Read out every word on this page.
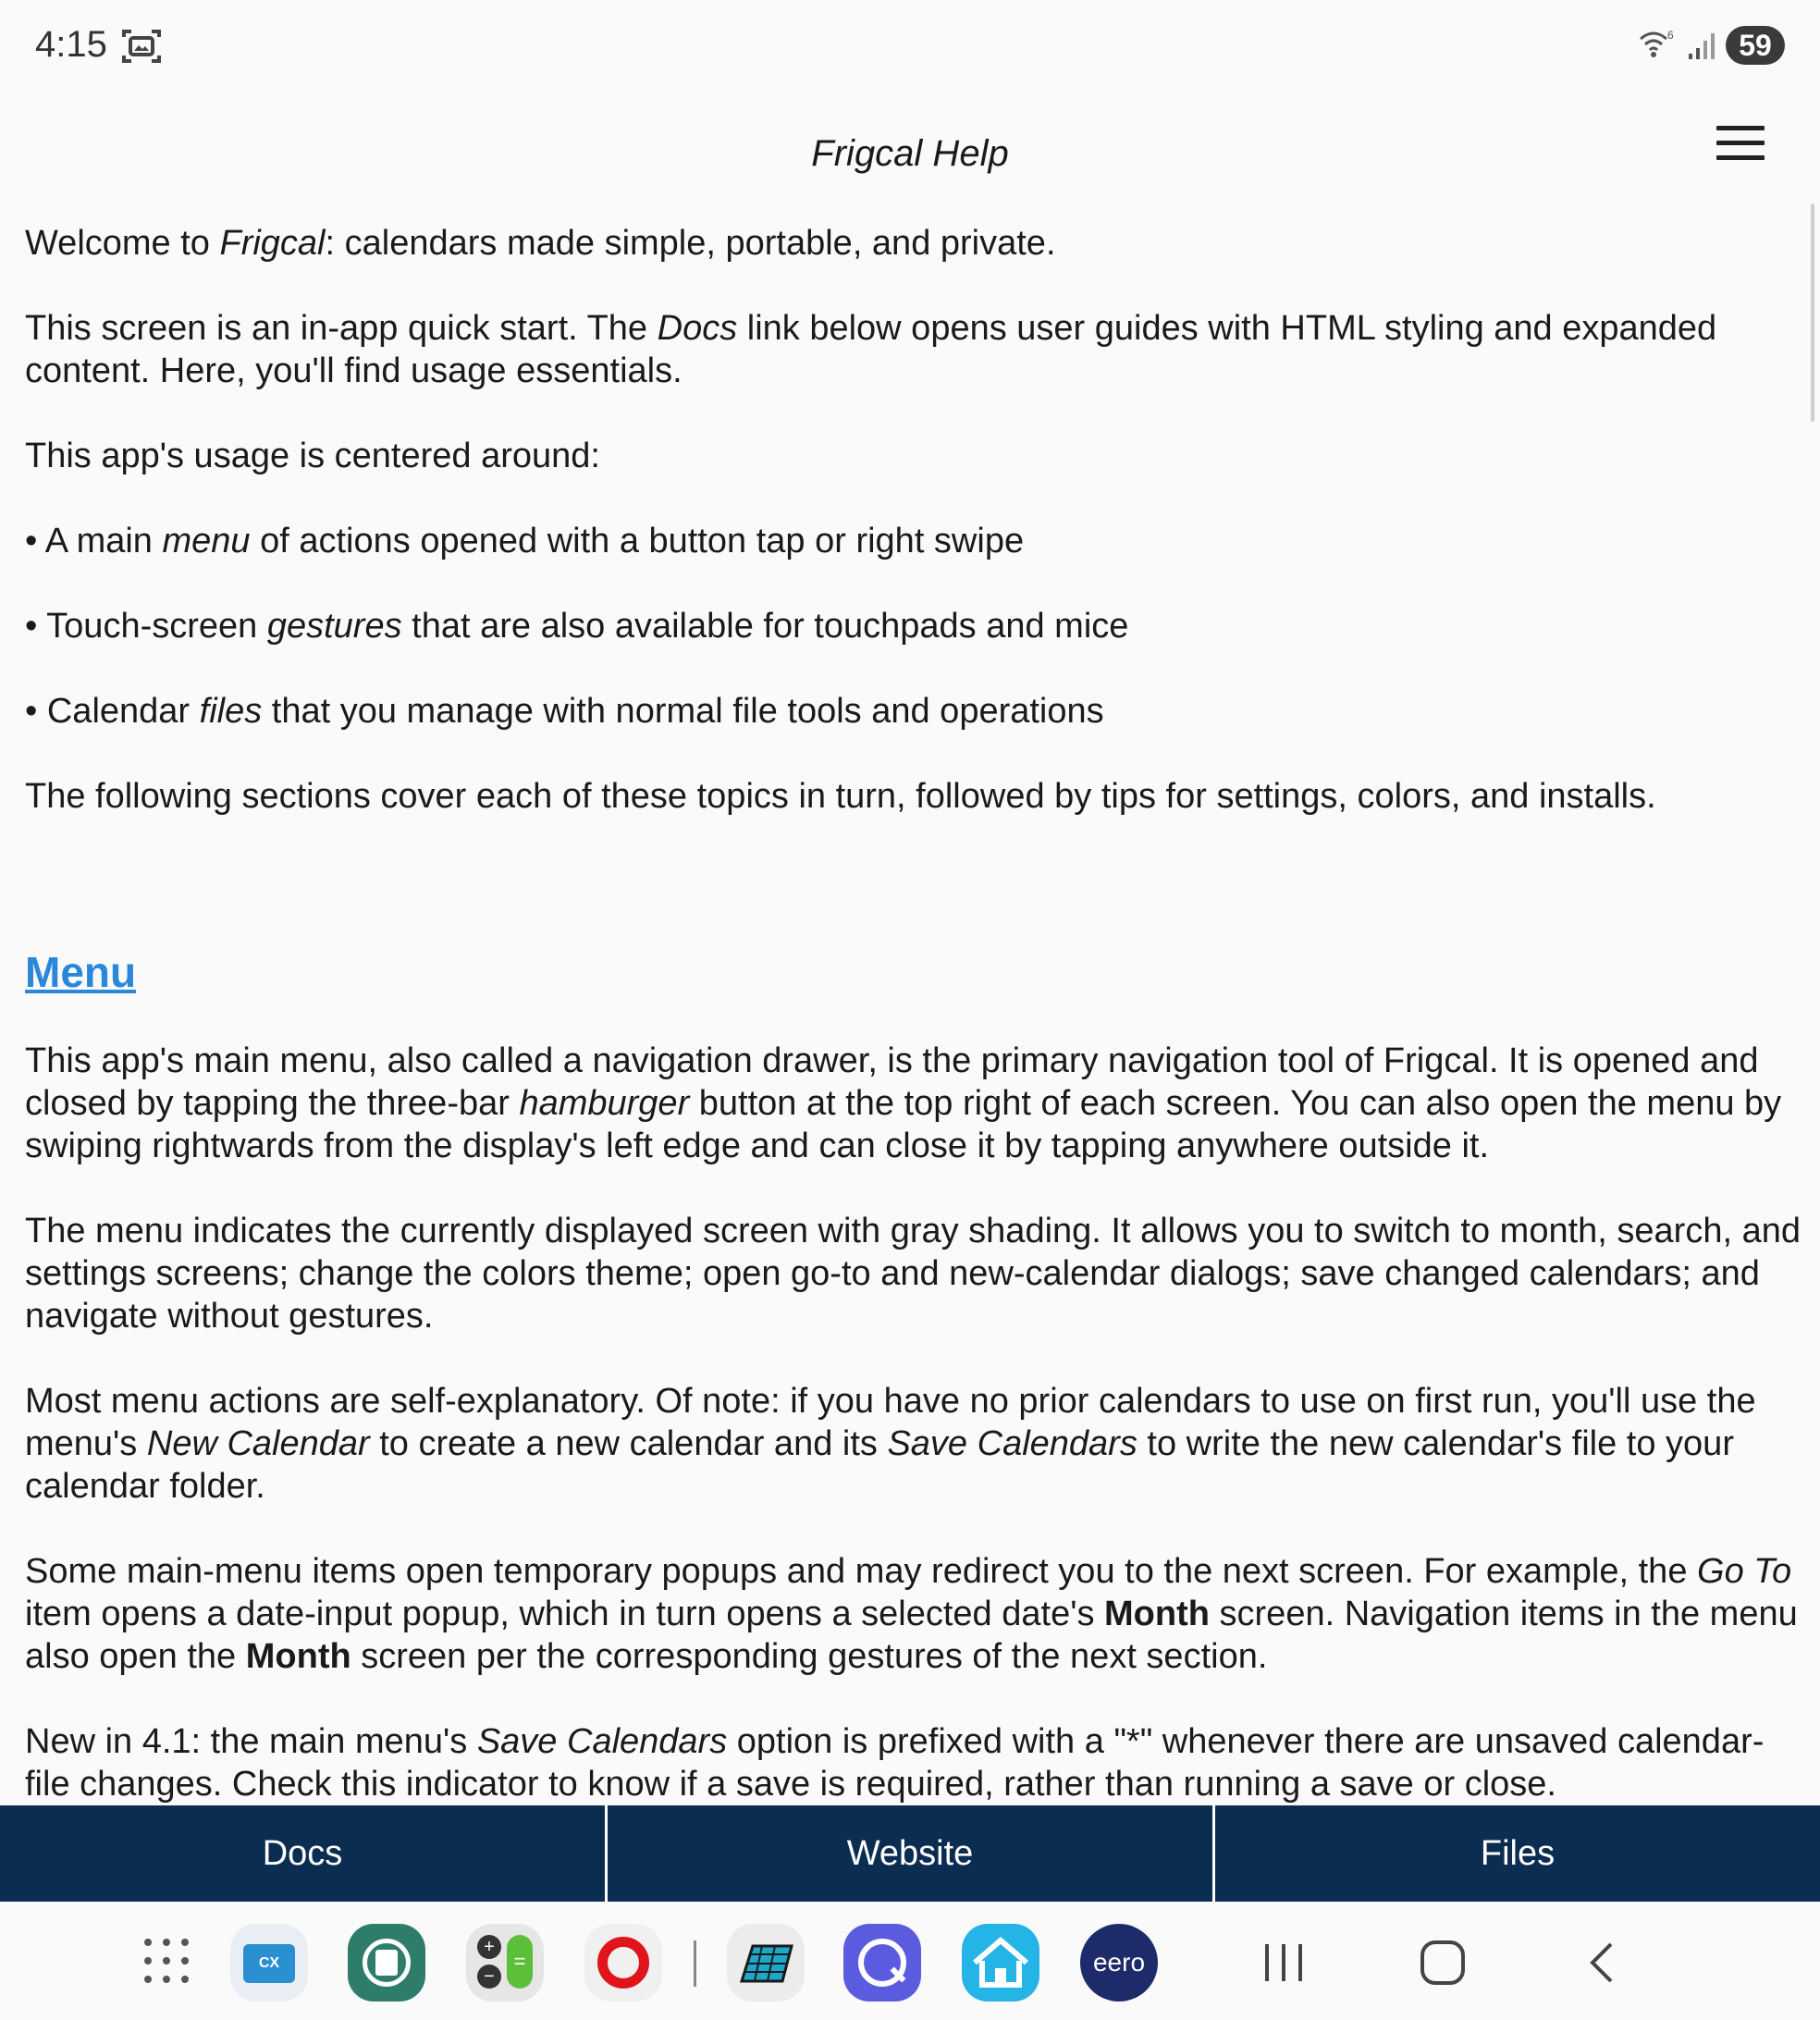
4:15	6	59
Frigcal Help

Welcome to Frigcal: calendars made simple, portable, and private.

This screen is an in-app quick start. The Docs link below opens user guides with HTML styling and expanded content. Here, you'll find usage essentials.

This app's usage is centered around:

• A main menu of actions opened with a button tap or right swipe

• Touch-screen gestures that are also available for touchpads and mice

• Calendar files that you manage with normal file tools and operations

The following sections cover each of these topics in turn, followed by tips for settings, colors, and installs.

Menu

This app's main menu, also called a navigation drawer, is the primary navigation tool of Frigcal. It is opened and closed by tapping the three-bar hamburger button at the top right of each screen. You can also open the menu by swiping rightwards from the display's left edge and can close it by tapping anywhere outside it.

The menu indicates the currently displayed screen with gray shading. It allows you to switch to month, search, and settings screens; change the colors theme; open go-to and new-calendar dialogs; save changed calendars; and navigate without gestures.

Most menu actions are self-explanatory. Of note: if you have no prior calendars to use on first run, you'll use the menu's New Calendar to create a new calendar and its Save Calendars to write the new calendar's file to your calendar folder.

Some main-menu items open temporary popups and may redirect you to the next screen. For example, the Go To item opens a date-input popup, which in turn opens a selected date's Month screen. Navigation items in the menu also open the Month screen per the corresponding gestures of the next section.

New in 4.1: the main menu's Save Calendars option is prefixed with a "*" whenever there are unsaved calendar-file changes. Check this indicator to know if a save is required, rather than running a save or close.

Docs	Website	Files
CX
+
−
=	eero
